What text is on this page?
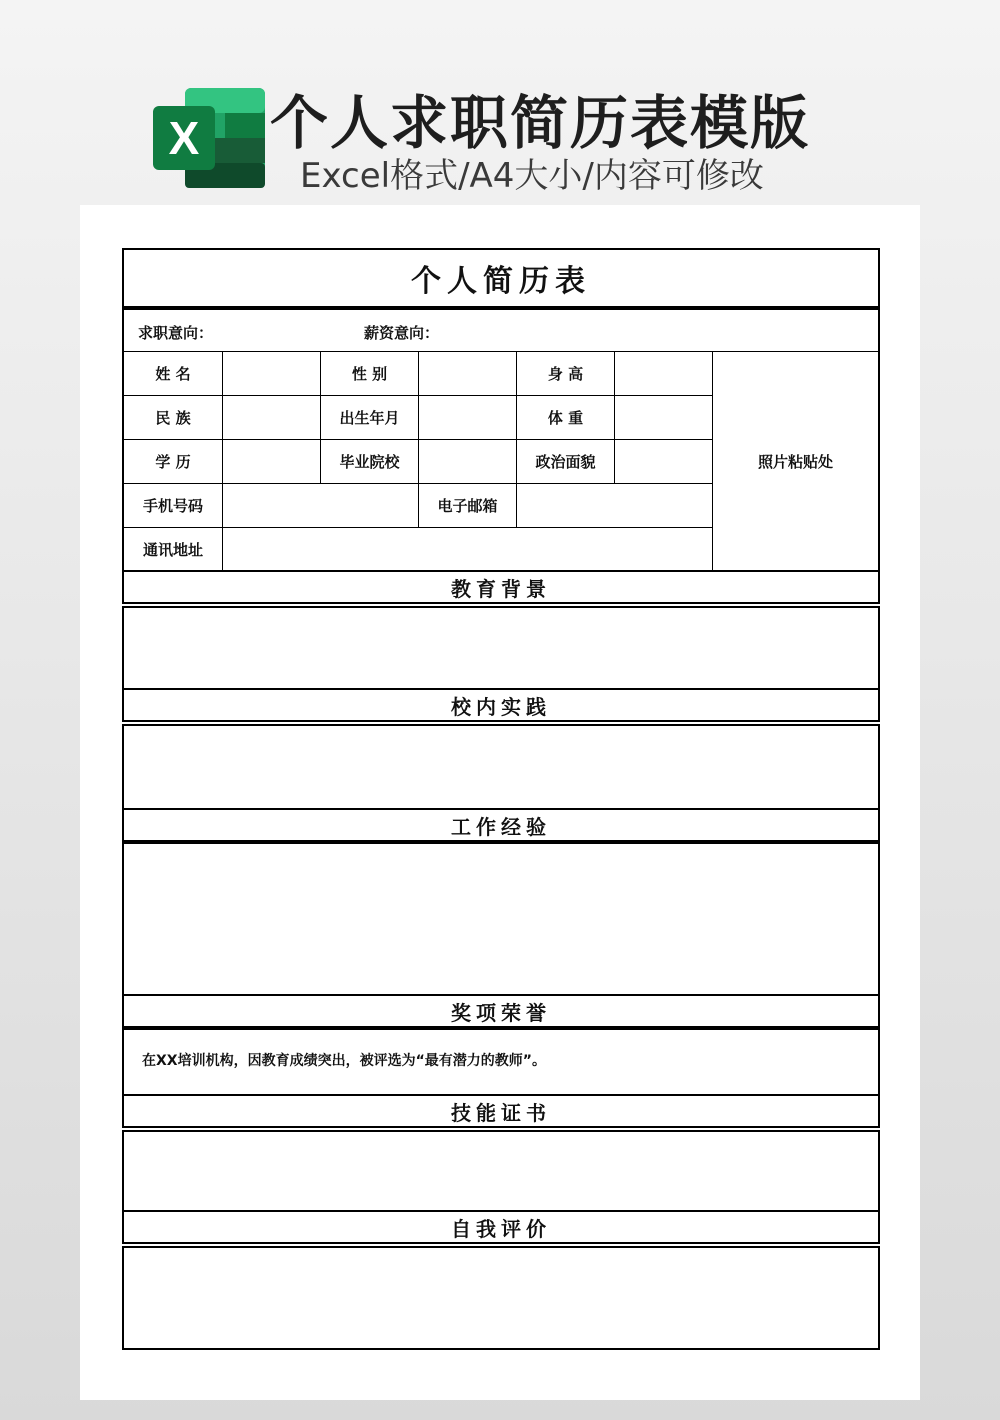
X 个人求职简历表模版
Excel格式/A4大小/内容可修改
个人简历表
求职意向：	薪资意向：
姓 名	性 别	身 高
民 族	出生年月	体 重
学 历	毕业院校	政治面貌
手机号码	电子邮箱
通讯地址
照片粘贴处
教育背景
校内实践
工作经验
奖项荣誉
在XX培训机构，因教育成绩突出，被评选为“最有潜力的教师”。
技能证书
自我评价
